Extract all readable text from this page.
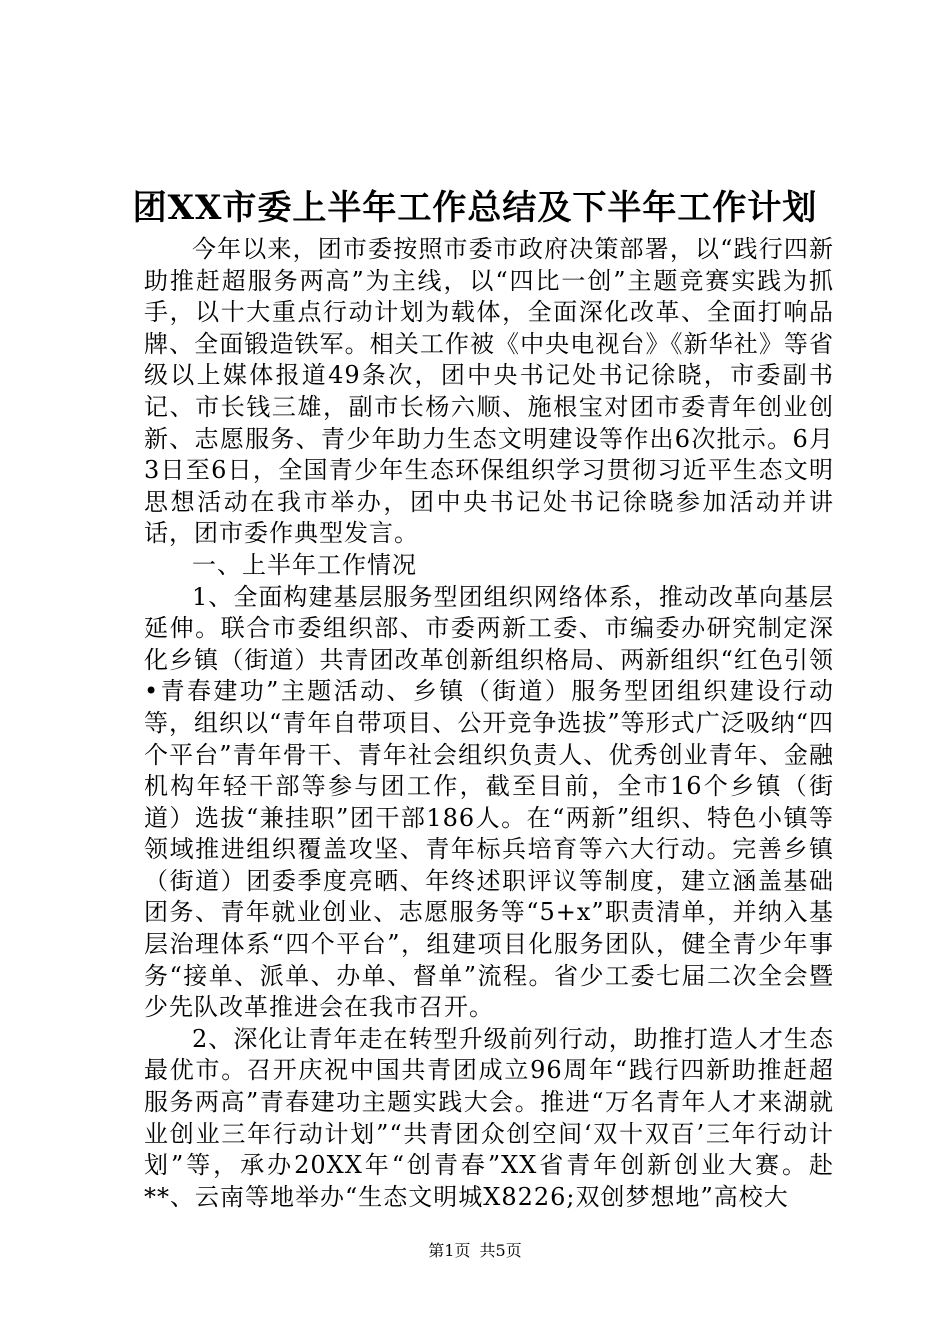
团XX市委上半年工作总结及下半年工作计划

今年以来，团市委按照市委市政府决策部署，以“践行四新助推赶超服务两高”为主线，以“四比一创”主题竞赛实践为抓手，以十大重点行动计划为载体，全面深化改革、全面打响品牌、全面锻造铁军。相关工作被《中央电视台》《新华社》等省级以上媒体报道49条次，团中央书记处书记徐晓，市委副书记、市长钱三雄，副市长杨六顺、施根宝对团市委青年创业创新、志愿服务、青少年助力生态文明建设等作出6次批示。6月3日至6日，全国青少年生态环保组织学习贯彻习近平生态文明思想活动在我市举办，团中央书记处书记徐晓参加活动并讲话，团市委作典型发言。

一、上半年工作情况

1、全面构建基层服务型团组织网络体系，推动改革向基层延伸。联合市委组织部、市委两新工委、市编委办研究制定深化乡镇（街道）共青团改革创新组织格局、两新组织“红色引领•青春建功”主题活动、乡镇（街道）服务型团组织建设行动等，组织以“青年自带项目、公开竞争选拔”等形式广泛吸纳“四个平台”青年骨干、青年社会组织负责人、优秀创业青年、金融机构年轻干部等参与团工作，截至目前，全市16个乡镇（街道）选拔“兼挂职”团干部186人。在“两新”组织、特色小镇等领域推进组织覆盖攻坚、青年标兵培育等六大行动。完善乡镇（街道）团委季度亮晒、年终述职评议等制度，建立涵盖基础团务、青年就业创业、志愿服务等“5+x”职责清单，并纳入基层治理体系“四个平台”，组建项目化服务团队，健全青少年事务“接单、派单、办单、督单”流程。省少工委七届二次全会暨少先队改革推进会在我市召开。

2、深化让青年走在转型升级前列行动，助推打造人才生态最优市。召开庆祝中国共青团成立96周年“践行四新助推赶超服务两高”青春建功主题实践大会。推进“万名青年人才来湖就业创业三年行动计划”“共青团众创空间‘双十双百’三年行动计划”等，承办20XX年“创青春”XX省青年创新创业大赛。赴**、云南等地举办“生态文明城X8226;双创梦想地”高校大

第1页 共5页
